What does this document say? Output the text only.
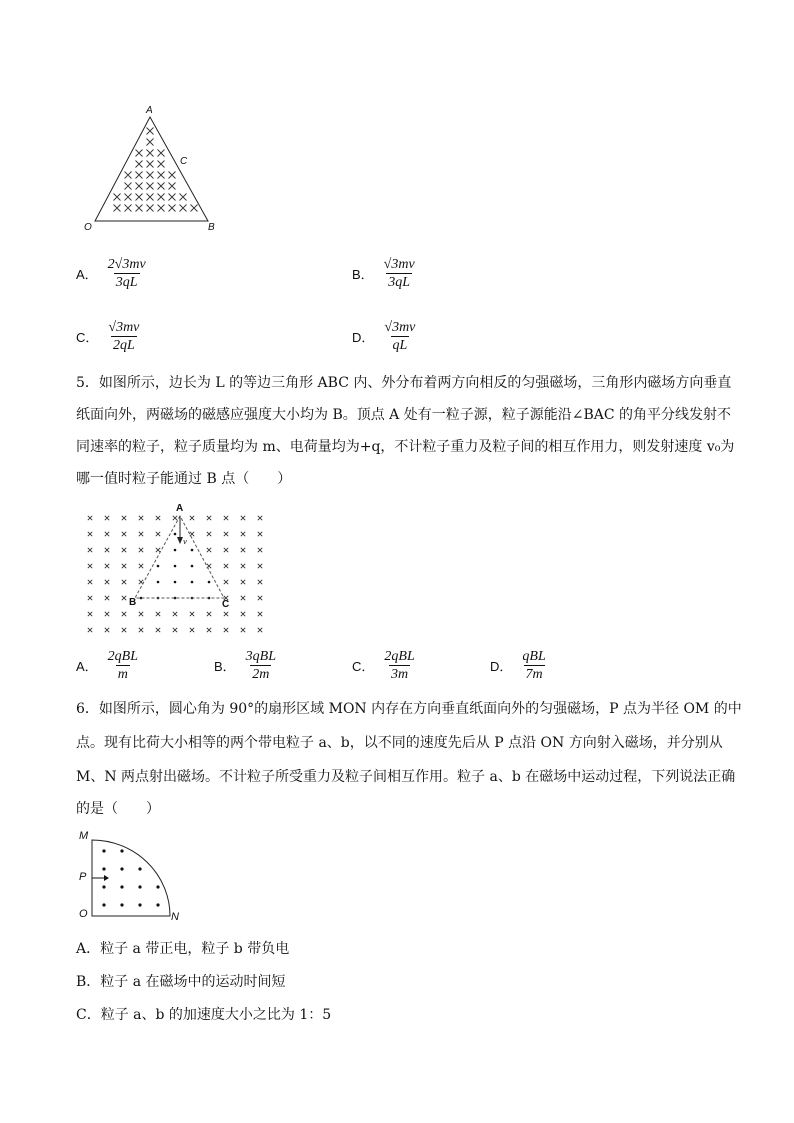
A
C
O	B
A． $\frac{2√3mv}{3qL}$	B． $\frac{√3mv}{3qL}$
C． $\frac{√3mv}{2qL}$	D． $\frac{√3mv}{qL}$
5．如图所示，边长为 L 的等边三角形 ABC 内、外分布着两方向相反的匀强磁场，三角形内磁场方向垂直
纸面向外，两磁场的磁感应强度大小均为 B。顶点 A 处有一粒子源，粒子源能沿∠BAC 的角平分线发射不
同速率的粒子，粒子质量均为 m、电荷量均为+q，不计粒子重力及粒子间的相互作用力，则发射速度 v₀为
哪一值时粒子能通过 B 点（　　）
A
B	C
v
A． $\frac{\text{2qBL}}{m}$	B． $\frac{\text{3qBL}}{2m}$	C． $\frac{\text{2qBL}}{3m}$	D． $\frac{\text{qBL}}{7m}$
6．如图所示，圆心角为 90°的扇形区域 MON 内存在方向垂直纸面向外的匀强磁场，P 点为半径 OM 的中
点。现有比荷大小相等的两个带电粒子 a、b，以不同的速度先后从 P 点沿 ON 方向射入磁场，并分别从
M、N 两点射出磁场。不计粒子所受重力及粒子间相互作用。粒子 a、b 在磁场中运动过程，下列说法正确
的是（　　）
M
P
O	N
A．粒子 a 带正电，粒子 b 带负电
B．粒子 a 在磁场中的运动时间短
C．粒子 a、b 的加速度大小之比为 1：5
